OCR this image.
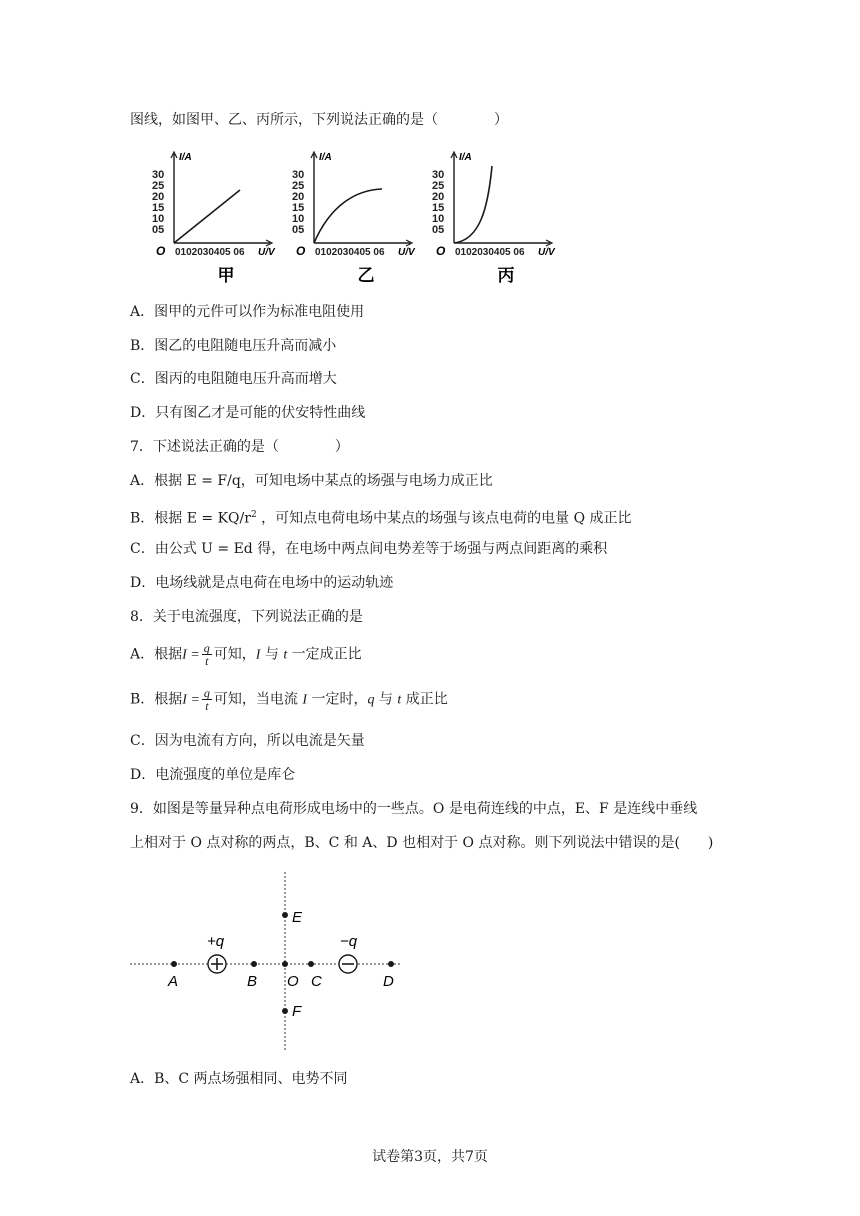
图线，如图甲、乙、丙所示，下列说法正确的是（　　　　）
I/A
30
25
20
15
10
05
O 0102030405 06 U/V
甲
I/A
30
25
20
15
10
05
O 0102030405 06 U/V
乙
I/A
30
25
20
15
10
05
O 0102030405 06 U/V
丙
A．图甲的元件可以作为标准电阻使用
B．图乙的电阻随电压升高而减小
C．图丙的电阻随电压升高而增大
D．只有图乙才是可能的伏安特性曲线
7．下述说法正确的是（　　　　）
A．根据 E = F/q，可知电场中某点的场强与电场力成正比
B．根据 $E = KQ/r^2$ ，可知点电荷电场中某点的场强与该点电荷的电量 Q 成正比
C．由公式 U = Ed 得，在电场中两点间电势差等于场强与两点间距离的乘积
D．电场线就是点电荷在电场中的运动轨迹
8．关于电流强度，下列说法正确的是
A．根据$I = \frac{q}{t}$ 可知，I 与 t 一定成正比
B．根据$I = \frac{q}{t}$ 可知，当电流 I 一定时，q 与 t 成正比
C．因为电流有方向，所以电流是矢量
D．电流强度的单位是库仑
9．如图是等量异种点电荷形成电场中的一些点。O 是电荷连线的中点，E、F 是连线中垂线
上相对于 O 点对称的两点，B、C 和 A、D 也相对于 O 点对称。则下列说法中错误的是(　　)
+q	−q
A	B O C	D
E
F
A．B、C 两点场强相同、电势不同
试卷第3页，共7页
